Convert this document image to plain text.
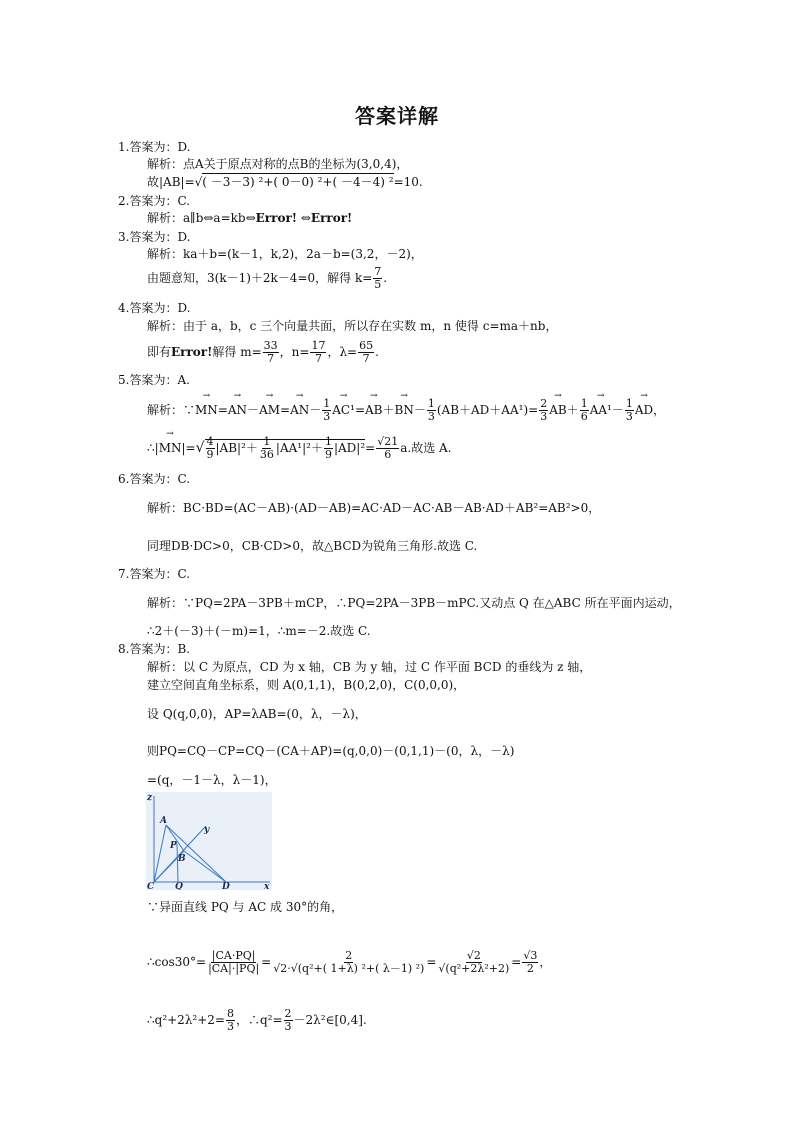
答案详解
1.答案为：D.
解析：点A关于原点对称的点B的坐标为(3,0,4)，
故|AB|=√( －3－3) ²+( 0－0) ²+( －4－4) ²=10.
2.答案为：C.
解析：a∥b⇔a=kb⇔Error! ⇔Error!
3.答案为：D.
解析：ka＋b=(k－1，k,2)，2a－b=(3,2，－2)，
由题意知，3(k－1)＋2k－4=0，解得 $k= \frac{7}{5}$ .
4.答案为：D.
解析：由于 a，b，c 三个向量共面，所以存在实数 m，n 使得 c=ma＋nb，
即有Error!解得 $m= \frac{33}{7}$ ，$n= \frac{17}{7}$ ，$\lambda= \frac{65}{7}$ .
5.答案为：A.
解析：∵→ $MN=\to AN-\to AM=\to AN- \frac{1}{3}$
→ $AC^1=\to AB+\to BN- \frac{1}{3} (AB+AD+AA^1)= \frac{2}{3}$
→ $AB+ \frac{1}{6}$
→ $AA^1- \frac{1}{3}$
→ AD，
∴|→ $MN|=√ \frac{4}{9} |AB|^2+ \frac{1}{36} |AA^1|^2+ \frac{1}{9} |AD|^2= \frac{√21}{6} a$.故选 A.
6.答案为：C.
解析：BC·BD=(AC－AB)·(AD－AB)=AC·AD－AC·AB－AB·AD＋AB²=AB²>0，
同理DB·DC>0，CB·CD>0，故△BCD为锐角三角形.故选 C.
7.答案为：C.
解析：∵PQ=2PA－3PB＋mCP，∴PQ=2PA－3PB－mPC.又动点 Q 在△ABC 所在平面内运动，
∴2＋(－3)＋(－m)=1，∴m=－2.故选 C.
8.答案为：B.
解析：以 C 为原点，CD 为 x 轴，CB 为 y 轴，过 C 作平面 BCD 的垂线为 z 轴，
建立空间直角坐标系，则 A(0,1,1)，B(0,2,0)，C(0,0,0)，
设 Q(q,0,0)，AP=λAB=(0，λ，－λ)，
则PQ=CQ－CP=CQ－(CA＋AP)=(q,0,0)－(0,1,1)－(0，λ，－λ)
=(q，－1－λ，λ－1)，
z
A
y
P
B
C Q	D	x
∵异面直线 PQ 与 AC 成 30°的角，
∴cos30°= $\frac{|CA\cdot PQ|}{|CA|\cdot|PQ|} = \frac{2}{\text{√2·√(q²+( 1+λ) ²+( λ－1) ²)}} = \frac{√2}{\text{√(q²+2λ²+2)}} = \frac{√3}{2}$ ，
∴q²+2λ²+2= $\frac{8}{3}$ ，∴q²= $\frac{2}{3}$ －2λ²∈[0,4].
